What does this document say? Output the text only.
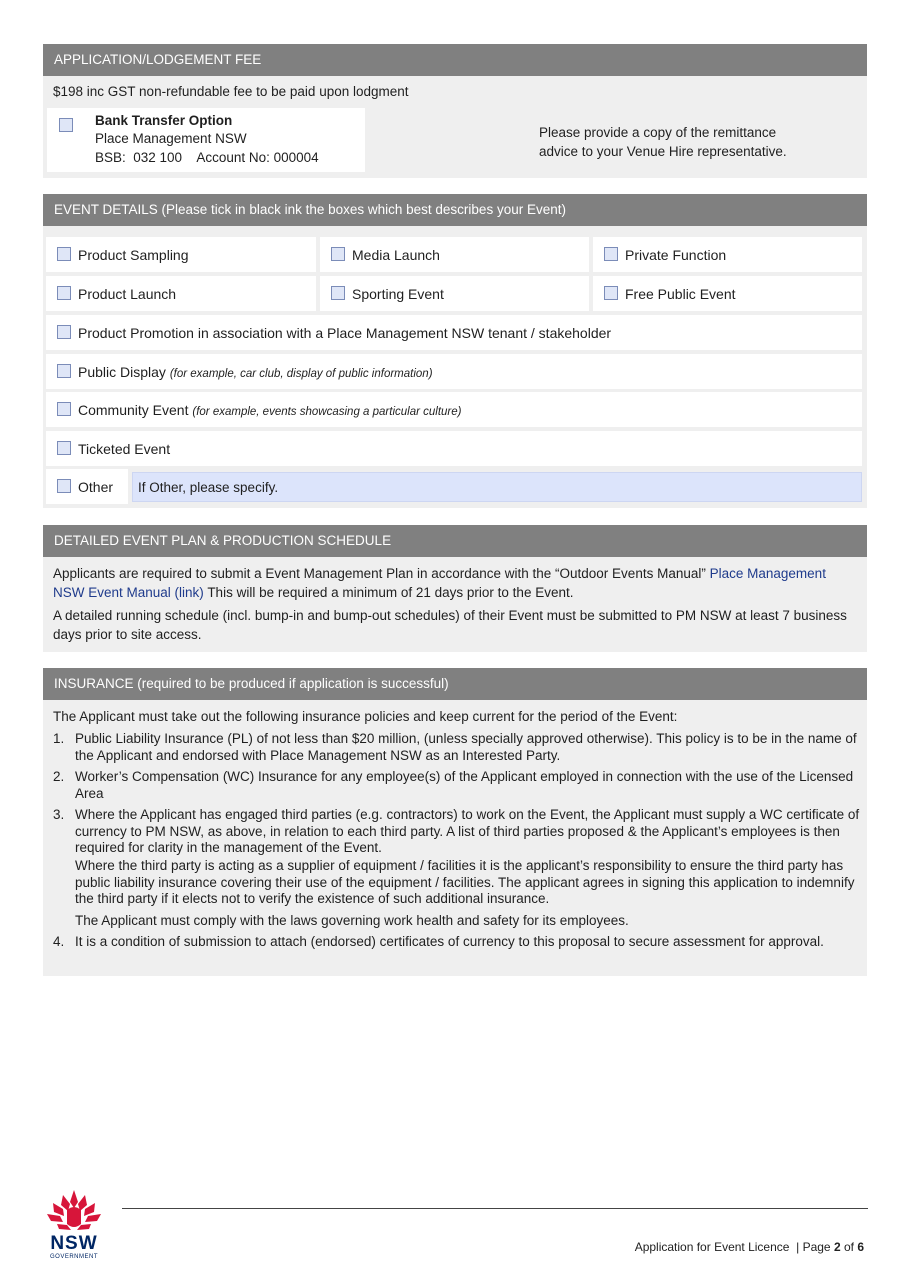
APPLICATION/LODGEMENT FEE
$198 inc GST non-refundable fee to be paid upon lodgment
Bank Transfer Option
Place Management NSW
BSB:  032 100    Account No: 000004
Please provide a copy of the remittance
advice to your Venue Hire representative.
EVENT DETAILS (Please tick in black ink the boxes which best describes your Event)
Product Sampling	Media Launch	Private Function
Product Launch	Sporting Event	Free Public Event
Product Promotion in association with a Place Management NSW tenant / stakeholder
Public Display (for example, car club, display of public information)
Community Event (for example, events showcasing a particular culture)
Ticketed Event
Other If Other, please specify.
DETAILED EVENT PLAN & PRODUCTION SCHEDULE
Applicants are required to submit a Event Management Plan in accordance with the “Outdoor Events Manual” Place Management NSW Event Manual (link) This will be required a minimum of 21 days prior to the Event.
A detailed running schedule (incl. bump-in and bump-out schedules) of their Event must be submitted to PM NSW at least 7 business days prior to site access.
INSURANCE (required to be produced if application is successful)
The Applicant must take out the following insurance policies and keep current for the period of the Event:
1. Public Liability Insurance (PL) of not less than $20 million, (unless specially approved otherwise). This policy is to be in the name of the Applicant and endorsed with Place Management NSW as an Interested Party.
2. Worker’s Compensation (WC) Insurance for any employee(s) of the Applicant employed in connection with the use of the Licensed Area
3. Where the Applicant has engaged third parties (e.g. contractors) to work on the Event, the Applicant must supply a WC certificate of currency to PM NSW, as above, in relation to each third party. A list of third parties proposed & the Applicant’s employees is then required for clarity in the management of the Event.
Where the third party is acting as a supplier of equipment / facilities it is the applicant’s responsibility to ensure the third party has public liability insurance covering their use of the equipment / facilities. The applicant agrees in signing this application to indemnify the third party if it elects not to verify the existence of such additional insurance.
The Applicant must comply with the laws governing work health and safety for its employees.
4. It is a condition of submission to attach (endorsed) certificates of currency to this proposal to secure assessment for approval.
NSW
GOVERNMENT
Application for Event Licence  | Page 2 of 6
